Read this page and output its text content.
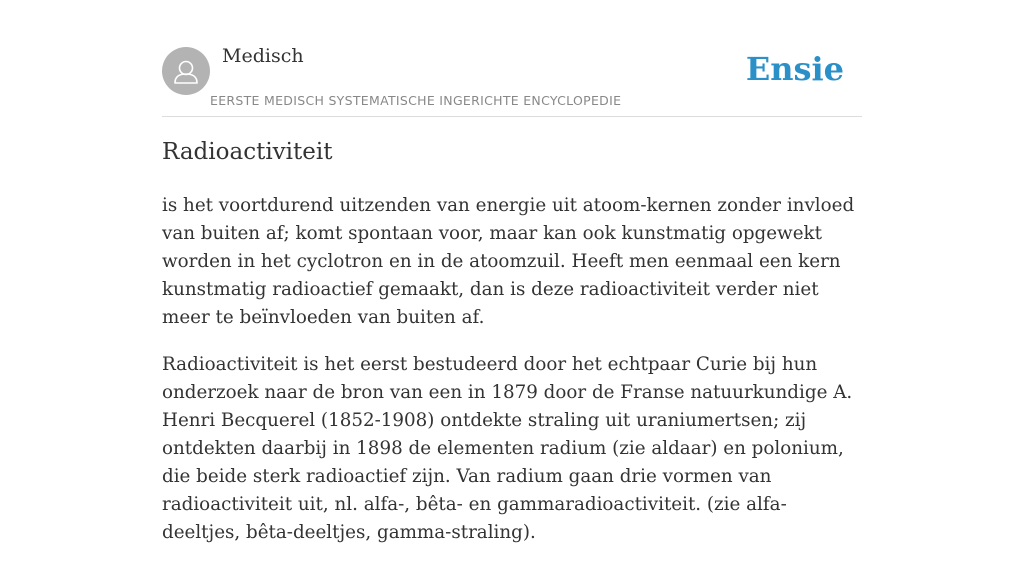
Medisch
EERSTE MEDISCH SYSTEMATISCHE INGERICHTE ENCYCLOPEDIE
Ensie
Radioactiviteit

is het voortdurend uitzenden van energie uit atoom-kernen zonder invloed van buiten af; komt spontaan voor, maar kan ook kunstmatig opgewekt worden in het cyclotron en in de atoomzuil. Heeft men eenmaal een kern kunstmatig radioactief gemaakt, dan is deze radioactiviteit verder niet meer te beïnvloeden van buiten af.

Radioactiviteit is het eerst bestudeerd door het echtpaar Curie bij hun onderzoek naar de bron van een in 1879 door de Franse natuurkundige A. Henri Becquerel (1852-1908) ontdekte straling uit uraniumertsen; zij ontdekten daarbij in 1898 de elementen radium (zie aldaar) en polonium, die beide sterk radioactief zijn. Van radium gaan drie vormen van radioactiviteit uit, nl. alfa-, bêta- en gammaradioactiviteit. (zie alfa-deeltjes, bêta-deeltjes, gamma-straling).
